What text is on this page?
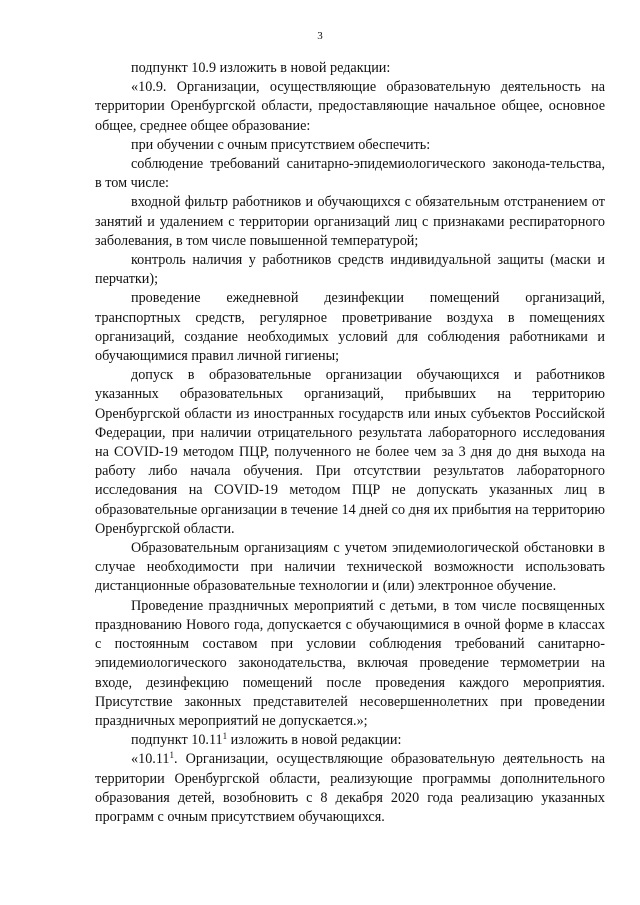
3

подпункт 10.9 изложить в новой редакции:

«10.9. Организации, осуществляющие образовательную деятельность на территории Оренбургской области, предоставляющие начальное общее, основное общее, среднее общее образование:

при обучении с очным присутствием обеспечить:

соблюдение требований санитарно-эпидемиологического законода-тельства, в том числе:

входной фильтр работников и обучающихся с обязательным отстранением от занятий и удалением с территории организаций лиц с признаками респираторного заболевания, в том числе повышенной температурой;

контроль наличия у работников средств индивидуальной защиты (маски и перчатки);

проведение ежедневной дезинфекции помещений организаций, транспортных средств, регулярное проветривание воздуха в помещениях организаций, создание необходимых условий для соблюдения работниками и обучающимися правил личной гигиены;

допуск в образовательные организации обучающихся и работников указанных образовательных организаций, прибывших на территорию Оренбургской области из иностранных государств или иных субъектов Российской Федерации, при наличии отрицательного результата лабораторного исследования на COVID-19 методом ПЦР, полученного не более чем за 3 дня до дня выхода на работу либо начала обучения. При отсутствии результатов лабораторного исследования на COVID-19 методом ПЦР не допускать указанных лиц в образовательные организации в течение 14 дней со дня их прибытия на территорию Оренбургской области.

Образовательным организациям с учетом эпидемиологической обстановки в случае необходимости при наличии технической возможности использовать дистанционные образовательные технологии и (или) электронное обучение.

Проведение праздничных мероприятий с детьми, в том числе посвященных празднованию Нового года, допускается с обучающимися в очной форме в классах с постоянным составом при условии соблюдения требований санитарно-эпидемиологического законодательства, включая проведение термометрии на входе, дезинфекцию помещений после проведения каждого мероприятия. Присутствие законных представителей несовершеннолетних при проведении праздничных мероприятий не допускается.»;

подпункт 10.11$^1$ изложить в новой редакции:

«10.11$^1$. Организации, осуществляющие образовательную деятельность на территории Оренбургской области, реализующие программы дополнительного образования детей, возобновить с 8 декабря 2020 года реализацию указанных программ с очным присутствием обучающихся.
